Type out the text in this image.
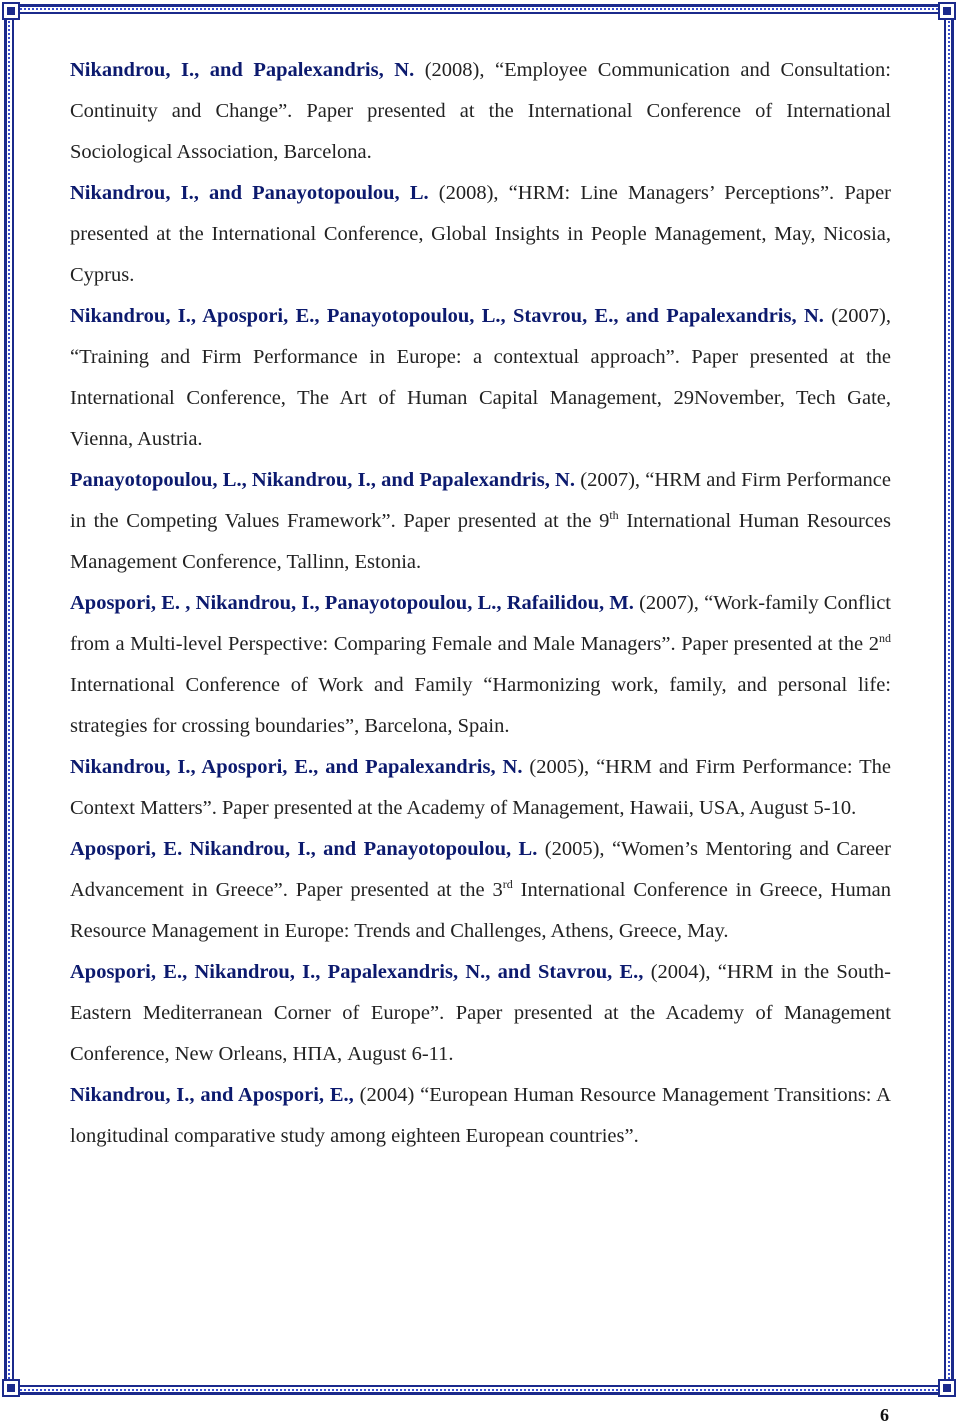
Nikandrou, I., and Papalexandris, N. (2008), “Employee Communication and Consultation: Continuity and Change”. Paper presented at the International Conference of International Sociological Association, Barcelona.

Nikandrou, I., and Panayotopoulou, L. (2008), “HRM: Line Managers’ Perceptions”. Paper presented at the International Conference, Global Insights in People Management, May, Nicosia, Cyprus.

Nikandrou, I., Apospori, E., Panayotopoulou, L., Stavrou, E., and Papalexandris, N. (2007), “Training and Firm Performance in Europe: a contextual approach”. Paper presented at the International Conference, The Art of Human Capital Management, 29November, Tech Gate, Vienna, Austria.

Panayotopoulou, L., Nikandrou, I., and Papalexandris, N. (2007), “HRM and Firm Performance in the Competing Values Framework”. Paper presented at the 9th International Human Resources Management Conference, Tallinn, Estonia.

Apospori, E. , Nikandrou, I., Panayotopoulou, L., Rafailidou, M. (2007), “Work-family Conflict from a Multi-level Perspective: Comparing Female and Male Managers”. Paper presented at the 2nd International Conference of Work and Family “Harmonizing work, family, and personal life: strategies for crossing boundaries”, Barcelona, Spain.

Nikandrou, I., Apospori, E., and Papalexandris, N. (2005), “HRM and Firm Performance: The Context Matters”. Paper presented at the Academy of Management, Hawaii, USA, August 5-10.

Apospori, E. Nikandrou, I., and Panayotopoulou, L. (2005), “Women’s Mentoring and Career Advancement in Greece”. Paper presented at the 3rd International Conference in Greece, Human Resource Management in Europe: Trends and Challenges, Athens, Greece, May.

Apospori, E., Nikandrou, I., Papalexandris, N., and Stavrou, E., (2004), “HRM in the South-Eastern Mediterranean Corner of Europe”. Paper presented at the Academy of Management Conference, New Orleans, ΗΠΑ, August 6-11.

Nikandrou, I., and Apospori, E., (2004) “European Human Resource Management Transitions: A longitudinal comparative study among eighteen European countries”.

6
